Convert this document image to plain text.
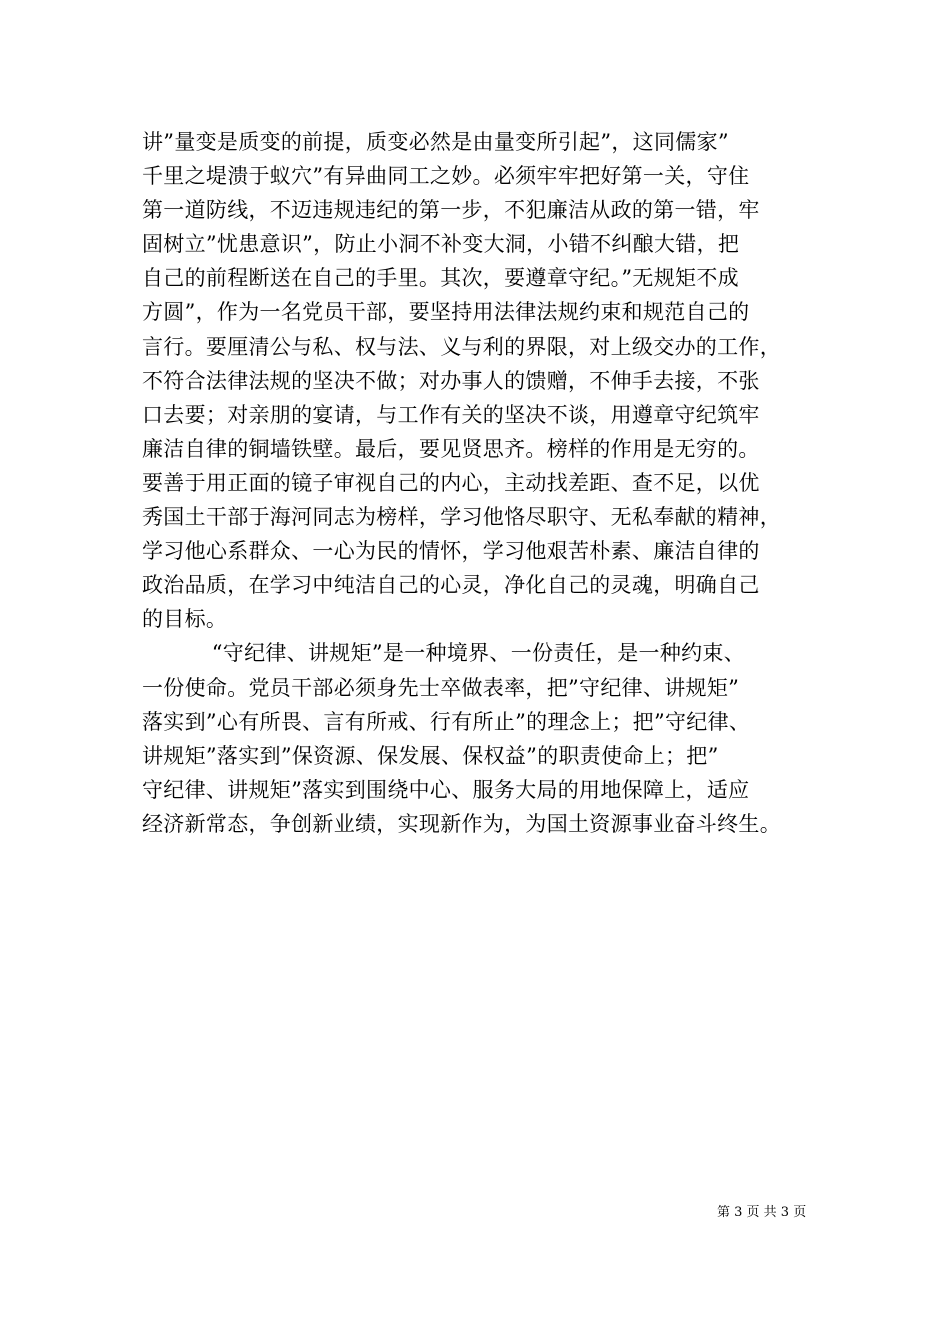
讲”量变是质变的前提，质变必然是由量变所引起”，这同儒家”
千里之堤溃于蚁穴”有异曲同工之妙。必须牢牢把好第一关，守住
第一道防线，不迈违规违纪的第一步，不犯廉洁从政的第一错，牢
固树立”忧患意识”，防止小洞不补变大洞，小错不纠酿大错，把
自己的前程断送在自己的手里。其次，要遵章守纪。”无规矩不成
方圆”，作为一名党员干部，要坚持用法律法规约束和规范自己的
言行。要厘清公与私、权与法、义与利的界限，对上级交办的工作，
不符合法律法规的坚决不做；对办事人的馈赠，不伸手去接，不张
口去要；对亲朋的宴请，与工作有关的坚决不谈，用遵章守纪筑牢
廉洁自律的铜墙铁壁。最后，要见贤思齐。榜样的作用是无穷的。
要善于用正面的镜子审视自己的内心，主动找差距、查不足，以优
秀国土干部于海河同志为榜样，学习他恪尽职守、无私奉献的精神，
学习他心系群众、一心为民的情怀，学习他艰苦朴素、廉洁自律的
政治品质，在学习中纯洁自己的心灵，净化自己的灵魂，明确自己
的目标。
“守纪律、讲规矩”是一种境界、一份责任，是一种约束、
一份使命。党员干部必须身先士卒做表率，把”守纪律、讲规矩”
落实到”心有所畏、言有所戒、行有所止”的理念上；把”守纪律、
讲规矩”落实到”保资源、保发展、保权益”的职责使命上；把”
守纪律、讲规矩”落实到围绕中心、服务大局的用地保障上，适应
经济新常态，争创新业绩，实现新作为，为国土资源事业奋斗终生。
第 3 页 共 3 页
